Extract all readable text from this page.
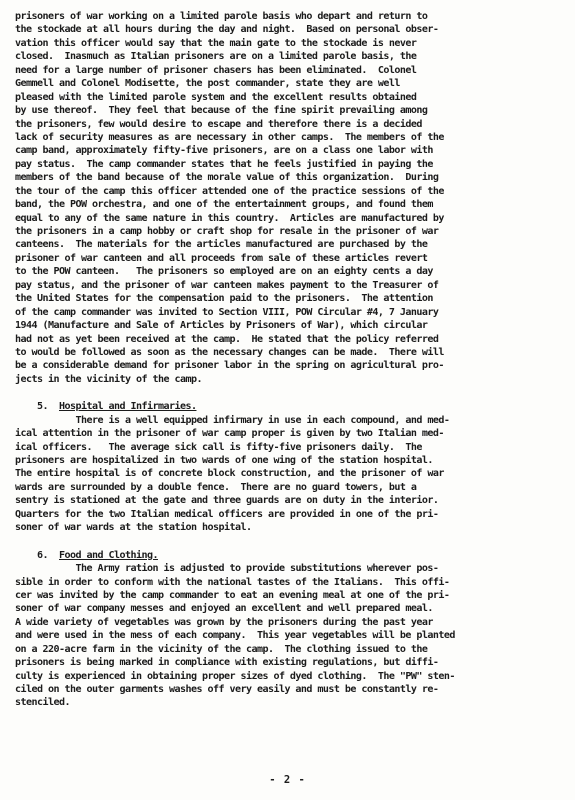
prisoners of war working on a limited parole basis who depart and return to
the stockade at all hours during the day and night.  Based on personal obser-
vation this officer would say that the main gate to the stockade is never
closed.  Inasmuch as Italian prisoners are on a limited parole basis, the
need for a large number of prisoner chasers has been eliminated.  Colonel
Gemmell and Colonel Modisette, the post commander, state they are well
pleased with the limited parole system and the excellent results obtained
by use thereof.  They feel that because of the fine spirit prevailing among
the prisoners, few would desire to escape and therefore there is a decided
lack of security measures as are necessary in other camps.  The members of the
camp band, approximately fifty-five prisoners, are on a class one labor with
pay status.  The camp commander states that he feels justified in paying the
members of the band because of the morale value of this organization.  During
the tour of the camp this officer attended one of the practice sessions of the
band, the POW orchestra, and one of the entertainment groups, and found them
equal to any of the same nature in this country.  Articles are manufactured by
the prisoners in a camp hobby or craft shop for resale in the prisoner of war
canteens.  The materials for the articles manufactured are purchased by the
prisoner of war canteen and all proceeds from sale of these articles revert
to the POW canteen.   The prisoners so employed are on an eighty cents a day
pay status, and the prisoner of war canteen makes payment to the Treasurer of
the United States for the compensation paid to the prisoners.  The attention
of the camp commander was invited to Section VIII, POW Circular #4, 7 January
1944 (Manufacture and Sale of Articles by Prisoners of War), which circular
had not as yet been received at the camp.  He stated that the policy referred
to would be followed as soon as the necessary changes can be made.  There will
be a considerable demand for prisoner labor in the spring on agricultural pro-
jects in the vicinity of the camp.
5. Hospital and Infirmaries.
There is a well equipped infirmary in use in each compound, and med-
ical attention in the prisoner of war camp proper is given by two Italian med-
ical officers.   The average sick call is fifty-five prisoners daily.  The
prisoners are hospitalized in two wards of one wing of the station hospital.
The entire hospital is of concrete block construction, and the prisoner of war
wards are surrounded by a double fence.  There are no guard towers, but a
sentry is stationed at the gate and three guards are on duty in the interior.
Quarters for the two Italian medical officers are provided in one of the pri-
soner of war wards at the station hospital.
6. Food and Clothing.
The Army ration is adjusted to provide substitutions wherever pos-
sible in order to conform with the national tastes of the Italians.  This offi-
cer was invited by the camp commander to eat an evening meal at one of the pri-
soner of war company messes and enjoyed an excellent and well prepared meal.
A wide variety of vegetables was grown by the prisoners during the past year
and were used in the mess of each company.  This year vegetables will be planted
on a 220-acre farm in the vicinity of the camp.  The clothing issued to the
prisoners is being marked in compliance with existing regulations, but diffi-
culty is experienced in obtaining proper sizes of dyed clothing.  The "PW" sten-
ciled on the outer garments washes off very easily and must be constantly re-
stenciled.
- 2 -
